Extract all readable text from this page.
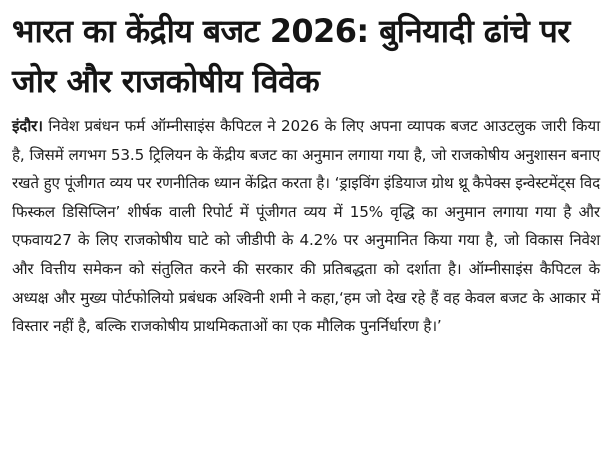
भारत का केंद्रीय बजट 2026: बुनियादी ढांचे पर जोर और राजकोषीय विवेक

इंदौर। निवेश प्रबंधन फर्म ऑम्नीसाइंस कैपिटल ने 2026 के लिए अपना व्यापक बजट आउटलुक जारी किया है, जिसमें लगभग 53.5 ट्रिलियन के केंद्रीय बजट का अनुमान लगाया गया है, जो राजकोषीय अनुशासन बनाए रखते हुए पूंजीगत व्यय पर रणनीतिक ध्यान केंद्रित करता है। ‘ड्राइविंग इंडियाज ग्रोथ थ्रू कैपेक्स इन्वेस्टमेंट्स विद फिस्कल डिसिप्लिन’ शीर्षक वाली रिपोर्ट में पूंजीगत व्यय में 15% वृद्धि का अनुमान लगाया गया है और एफवाय27 के लिए राजकोषीय घाटे को जीडीपी के 4.2% पर अनुमानित किया गया है, जो विकास निवेश और वित्तीय समेकन को संतुलित करने की सरकार की प्रतिबद्धता को दर्शाता है। ऑम्नीसाइंस कैपिटल के अध्यक्ष और मुख्य पोर्टफोलियो प्रबंधक अश्विनी शमी ने कहा,‘हम जो देख रहे हैं वह केवल बजट के आकार में विस्तार नहीं है, बल्कि राजकोषीय प्राथमिकताओं का एक मौलिक पुनर्निर्धारण है।’
